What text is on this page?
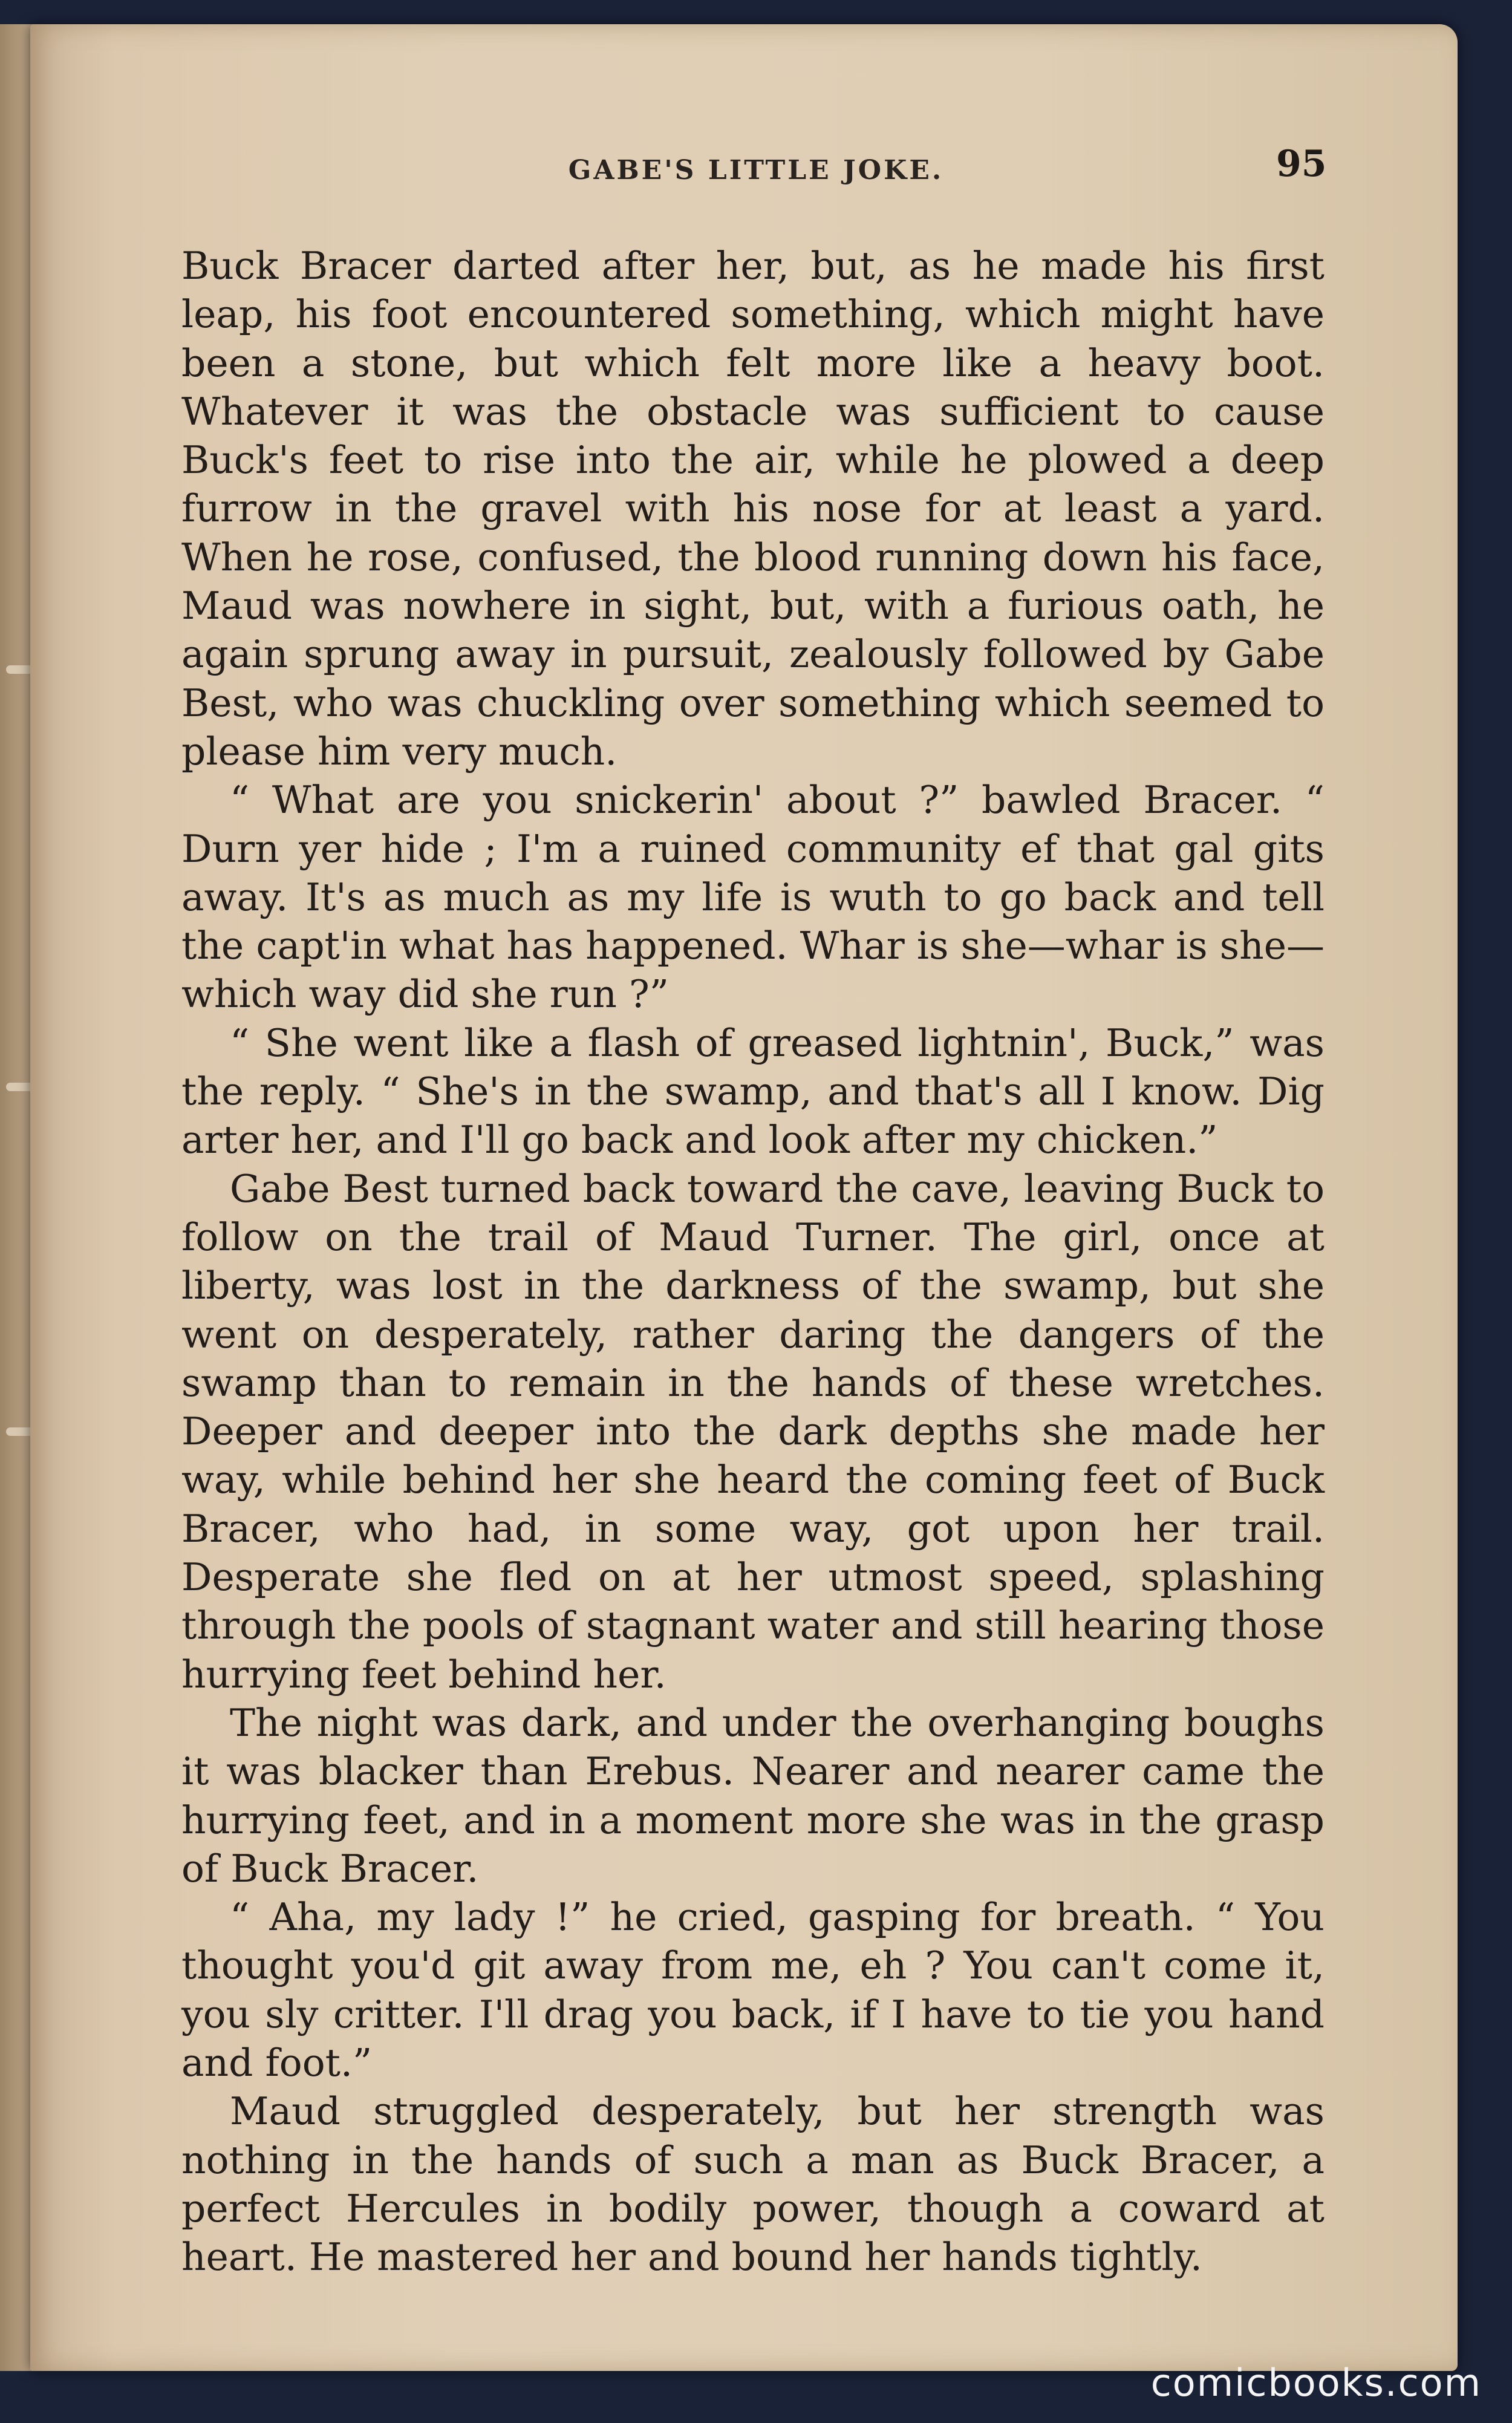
GABE'S LITTLE JOKE.	95

Buck Bracer darted after her, but, as he made his first leap, his foot encountered something, which might have been a stone, but which felt more like a heavy boot. Whatever it was the obstacle was sufficient to cause Buck's feet to rise into the air, while he plowed a deep furrow in the gravel with his nose for at least a yard. When he rose, confused, the blood running down his face, Maud was nowhere in sight, but, with a furious oath, he again sprung away in pursuit, zealously followed by Gabe Best, who was chuckling over something which seemed to please him very much.

“ What are you snickerin' about ?” bawled Bracer. “ Durn yer hide ; I'm a ruined community ef that gal gits away. It's as much as my life is wuth to go back and tell the capt'in what has happened. Whar is she—whar is she—which way did she run ?”

“ She went like a flash of greased lightnin', Buck,” was the reply. “ She's in the swamp, and that's all I know. Dig arter her, and I'll go back and look after my chicken.”

Gabe Best turned back toward the cave, leaving Buck to follow on the trail of Maud Turner. The girl, once at liberty, was lost in the darkness of the swamp, but she went on desperately, rather daring the dangers of the swamp than to remain in the hands of these wretches. Deeper and deeper into the dark depths she made her way, while behind her she heard the coming feet of Buck Bracer, who had, in some way, got upon her trail. Desperate she fled on at her utmost speed, splashing through the pools of stagnant water and still hearing those hurrying feet behind her.

The night was dark, and under the overhanging boughs it was blacker than Erebus. Nearer and nearer came the hurrying feet, and in a moment more she was in the grasp of Buck Bracer.

“ Aha, my lady !” he cried, gasping for breath. “ You thought you'd git away from me, eh ? You can't come it, you sly critter. I'll drag you back, if I have to tie you hand and foot.”

Maud struggled desperately, but her strength was nothing in the hands of such a man as Buck Bracer, a perfect Hercules in bodily power, though a coward at heart. He mastered her and bound her hands tightly.

comicbooks.com
